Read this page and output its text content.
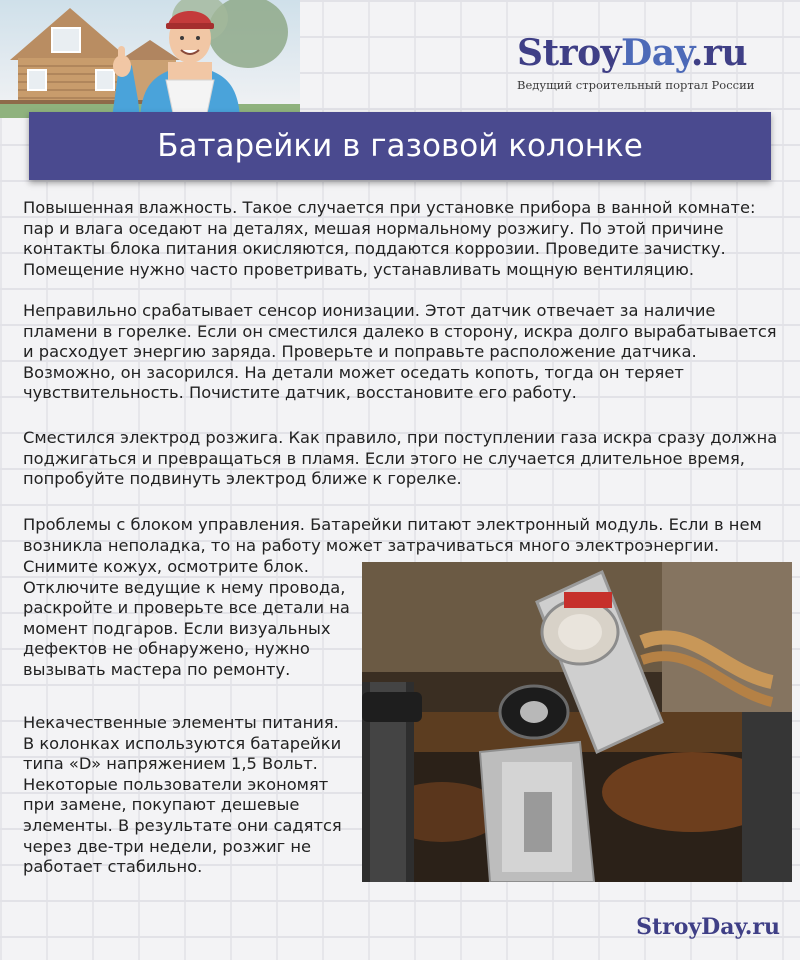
StroyDay.ru
Ведущий строительный портал России
Батарейки в газовой колонке

Повышенная влажность. Такое случается при установке прибора в ванной комнате: пар и влага оседают на деталях, мешая нормальному розжигу. По этой причине контакты блока питания окисляются, поддаются коррозии. Проведите зачистку. Помещение нужно часто проветривать, устанавливать мощную вентиляцию.

Неправильно срабатывает сенсор ионизации. Этот датчик отвечает за наличие пламени в горелке. Если он сместился далеко в сторону, искра долго вырабатывается и расходует энергию заряда. Проверьте и поправьте расположение датчика. Возможно, он засорился. На детали может оседать копоть, тогда он теряет чувствительность. Почистите датчик, восстановите его работу.

Сместился электрод розжига. Как правило, при поступлении газа искра сразу должна поджигаться и превращаться в пламя. Если этого не случается длительное время, попробуйте подвинуть электрод ближе к горелке.

Проблемы с блоком управления. Батарейки питают электронный модуль. Если в нем возникла неполадка, то на работу может затрачиваться много электроэнергии.

Снимите кожух, осмотрите блок. Отключите ведущие к нему провода, раскройте и проверьте все детали на момент подгаров. Если визуальных дефектов не обнаружено, нужно вызывать мастера по ремонту.

Некачественные элементы питания. В колонках используются батарейки типа «D» напряжением 1,5 Вольт. Некоторые пользователи экономят при замене, покупают дешевые элементы. В результате они садятся через две-три недели, розжиг не работает стабильно.

StroyDay.ru
